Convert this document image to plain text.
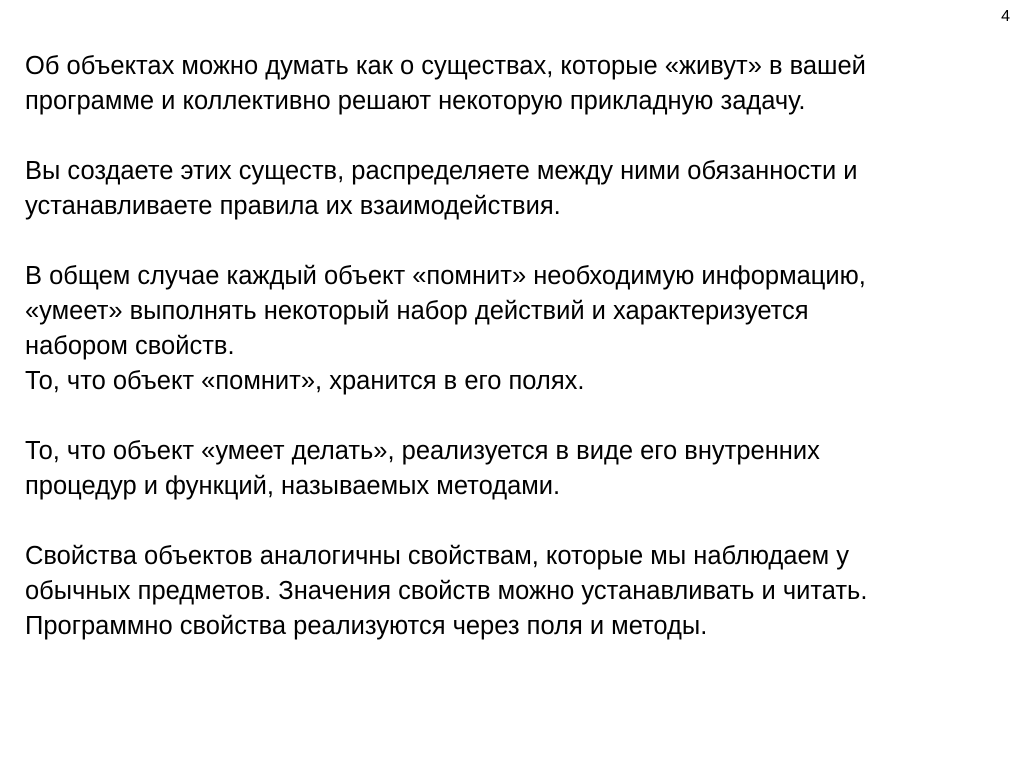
4

Об объектах можно думать как о существах, которые «живут» в вашей
программе и коллективно решают некоторую прикладную задачу.

Вы создаете этих существ, распределяете между ними обязанности и
устанавливаете правила их взаимодействия.

В общем случае каждый объект «помнит» необходимую информацию,
«умеет» выполнять некоторый набор действий и характеризуется
набором свойств.
То, что объект «помнит», хранится в его полях.

То, что объект «умеет делать», реализуется в виде его внутренних
процедур и функций, называемых методами.

Свойства объектов аналогичны свойствам, которые мы наблюдаем у
обычных предметов. Значения свойств можно устанавливать и читать.
Программно свойства реализуются через поля и методы.
